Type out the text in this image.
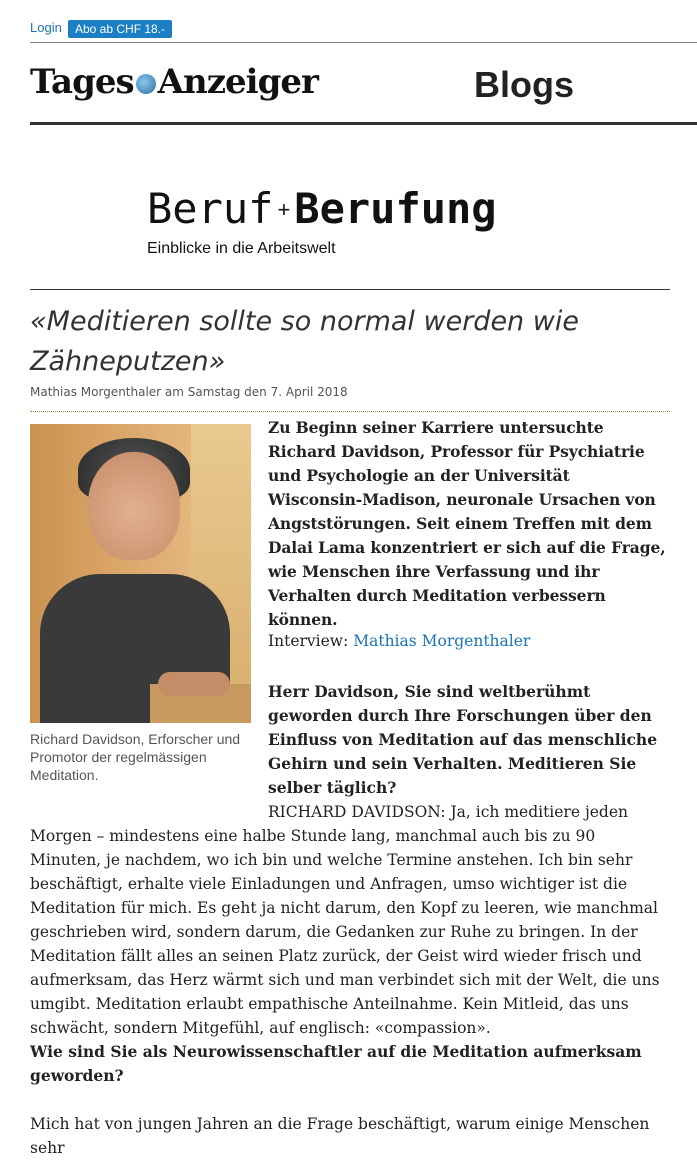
Login	Abo ab CHF 18.-
Tages Anzeiger	Blogs
Beruf +Berufung
Einblicke in die Arbeitswelt
«Meditieren sollte so normal werden wie Zähneputzen»
Mathias Morgenthaler am Samstag den 7. April 2018
Richard Davidson, Erforscher und Promotor der regelmässigen Meditation.
Zu Beginn seiner Karriere untersuchte Richard Davidson, Professor für Psychiatrie und Psychologie an der Universität Wisconsin-Madison, neuronale Ursachen von Angststörungen. Seit einem Treffen mit dem Dalai Lama konzentriert er sich auf die Frage, wie Menschen ihre Verfassung und ihr Verhalten durch Meditation verbessern können.
Interview: Mathias Morgenthaler
Herr Davidson, Sie sind weltberühmt geworden durch Ihre Forschungen über den Einfluss von Meditation auf das menschliche Gehirn und sein Verhalten. Meditieren Sie selber täglich?
RICHARD DAVIDSON: Ja, ich meditiere jeden Morgen – mindestens eine halbe Stunde lang, manchmal auch bis zu 90 Minuten, je nachdem, wo ich bin und welche Termine anstehen. Ich bin sehr beschäftigt, erhalte viele Einladungen und Anfragen, umso wichtiger ist die Meditation für mich. Es geht ja nicht darum, den Kopf zu leeren, wie manchmal geschrieben wird, sondern darum, die Gedanken zur Ruhe zu bringen. In der Meditation fällt alles an seinen Platz zurück, der Geist wird wieder frisch und aufmerksam, das Herz wärmt sich und man verbindet sich mit der Welt, die uns umgibt. Meditation erlaubt empathische Anteilnahme. Kein Mitleid, das uns schwächt, sondern Mitgefühl, auf englisch: «compassion».
Wie sind Sie als Neurowissenschaftler auf die Meditation aufmerksam geworden?
Mich hat von jungen Jahren an die Frage beschäftigt, warum einige Menschen sehr
